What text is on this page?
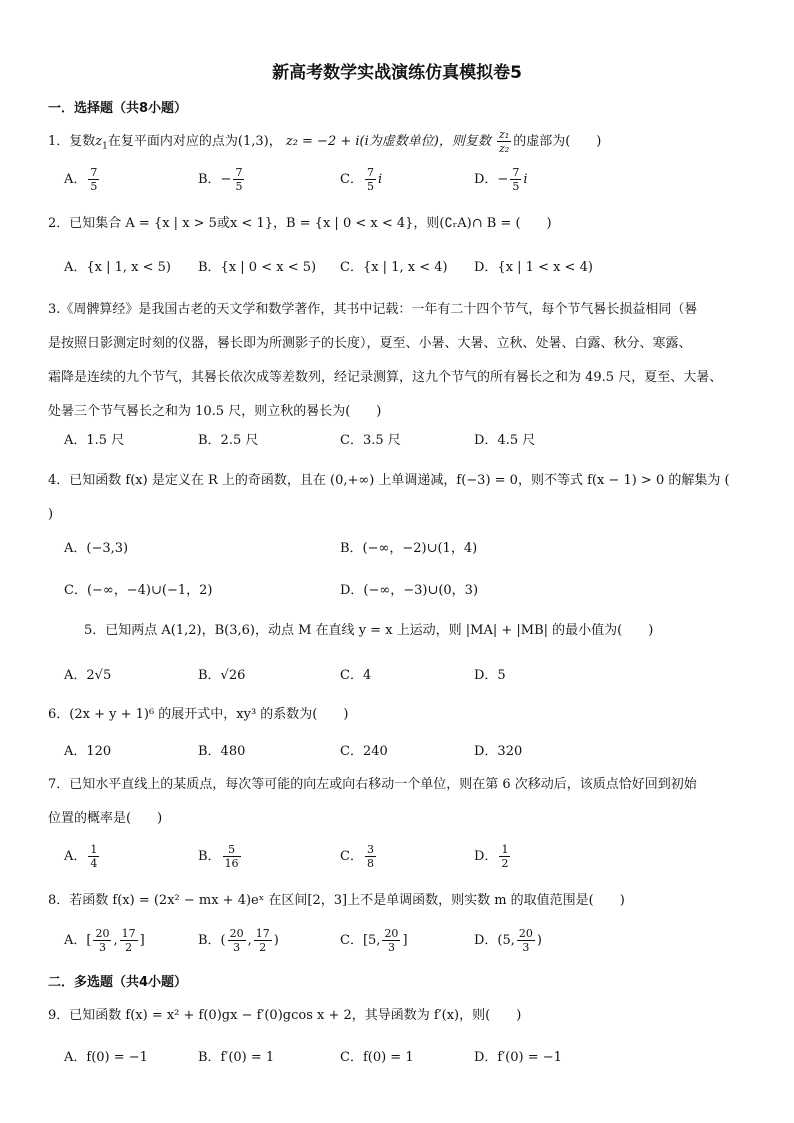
新高考数学实战演练仿真模拟卷5
一．选择题（共8小题）
1．复数$z_1$在复平面内对应的点为(1,3)， z₂ = −2 + i(i为虚数单位)，则复数 $\frac{\text{z₁}}{\text{z₂}}$ 的虚部为(　　)
A． $\frac{7}{5}$	B．− $\frac{7}{5}$	C． $\frac{7}{5}$ i	D．− $\frac{7}{5}$ i
2．已知集合 A = {x | x > 5或x < 1}，B = {x | 0 < x < 4}，则(∁ᵣA)∩ B = (　　)
A．{x | 1, x < 5) B．{x | 0 < x < 5) C．{x | 1, x < 4) D．{x | 1 < x < 4)
3.《周髀算经》是我国古老的天文学和数学著作，其书中记载：一年有二十四个节气，每个节气晷长损益相同（晷
是按照日影测定时刻的仪器，晷长即为所测影子的长度），夏至、小暑、大暑、立秋、处暑、白露、秋分、寒露、
霜降是连续的九个节气，其晷长依次成等差数列，经记录测算，这九个节气的所有晷长之和为 49.5 尺，夏至、大暑、
处暑三个节气晷长之和为 10.5 尺，则立秋的晷长为(　　)
A．1.5 尺	B．2.5 尺	C．3.5 尺	D．4.5 尺
4．已知函数 f(x) 是定义在 R 上的奇函数，且在 (0,+∞) 上单调递减，f(−3) = 0，则不等式 f(x − 1) > 0 的解集为 (
)
A．(−3,3)	B．(−∞，−2)∪(1，4)
C．(−∞，−4)∪(−1，2)	D．(−∞，−3)∪(0，3)
5．已知两点 A(1,2)，B(3,6)，动点 M 在直线 y = x 上运动，则 |MA| + |MB| 的最小值为(　　)
A．2√5	B．√26	C．4	D．5
6．(2x + y + 1)⁶ 的展开式中，xy³ 的系数为(　　)
A．120	B．480	C．240	D．320
7．已知水平直线上的某质点，每次等可能的向左或向右移动一个单位，则在第 6 次移动后，该质点恰好回到初始
位置的概率是(　　)
A． $\frac{1}{4}$	B． $\frac{5}{16}$	C． $\frac{3}{8}$	D． $\frac{1}{2}$
8．若函数 f(x) = (2x² − mx + 4)eˣ 在区间[2，3]上不是单调函数，则实数 m 的取值范围是(　　)
A．[ $\frac{20}{3}$ , $\frac{17}{2}$ ]	B．( $\frac{20}{3}$ , $\frac{17}{2}$ )	C．[5, $\frac{20}{3}$ ]	D．(5, $\frac{20}{3}$ )
二．多选题（共4小题）
9．已知函数 f(x) = x² + f(0)gx − f′(0)gcos x + 2，其导函数为 f′(x)，则(　　)
A．f(0) = −1	B．f′(0) = 1	C．f(0) = 1	D．f′(0) = −1
